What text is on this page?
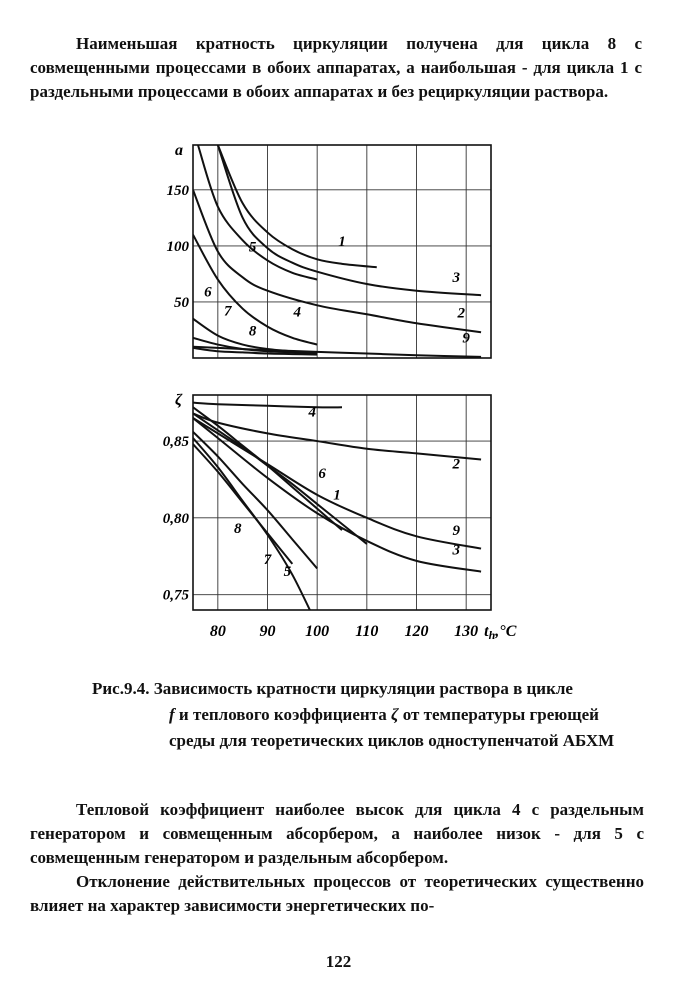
Наименьшая кратность циркуляции получена для цикла 8 с совмещенными процессами в обоих аппаратах, а наибольшая - для цикла 1 с раздельными процессами в обоих аппаратах и без рециркуляции раствора.

50
100
150
a
1
2
3
4
5
6
7
8	9
0,75
0,80
0,85
ζ
1
2
3
4
5
6
7
8	9
80 90 100 110 120 130 th,°C

Рис.9.4. Зависимость кратности циркуляции раствора в цикле
f и теплового коэффициента ζ от температуры греющей среды для теоретических циклов одноступенчатой АБХМ

Тепловой коэффициент наиболее высок для цикла 4 с раздельным генератором и совмещенным абсорбером, а наиболее низок - для 5 с совмещенным генератором и раздельным абсорбером.
Отклонение действительных процессов от теоретических существенно влияет на характер зависимости энергетических по-
122
